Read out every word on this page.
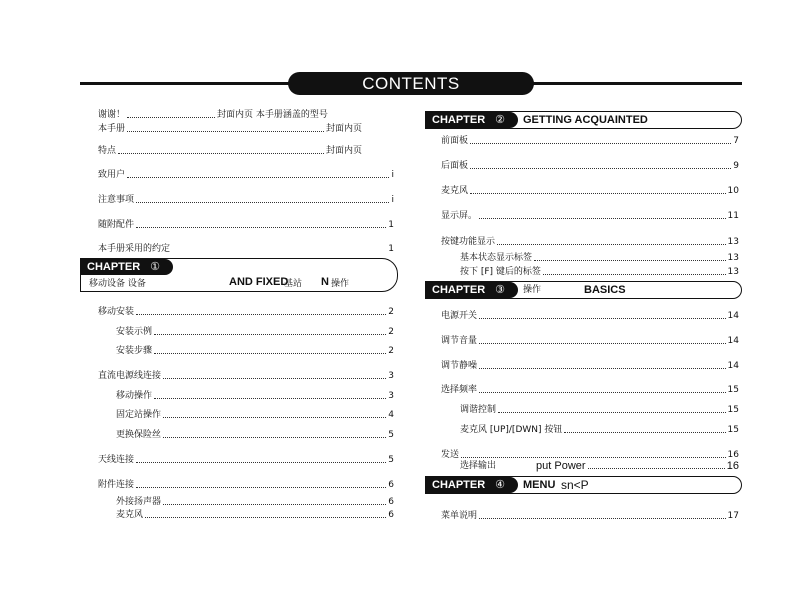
CONTENTS
谢谢！	封面内页 本手册涵盖的型号
本手册	封面内页
特点	封面内页
致用户	i
注意事项	i
随附配件	1
本手册采用的约定	1
CHAPTER ①
移动设备 设备	AND FIXED
基站 N 操作
移动安装	2
安装示例	2
安装步骤	2
直流电源线连接	3
移动操作	3
固定站操作	4
更换保险丝	5
天线连接	5
附件连接	6
外接扬声器	6
麦克风	6
CHAPTER ②	GETTING ACQUAINTED
前面板	7
后面板	9
麦克风	10
显示屏。	11
按键功能显示	13
基本状态显示标签	13
按下 [F] 键后的标签	13
CHAPTER ③	操作	BASICS
电源开关	14
调节音量	14
调节静噪	14
选择频率	15
调谐控制	15
麦克风 [UP]/[DWN] 按钮	15
发送	16
选择输出	put Power	16
CHAPTER ④	MENU sn<P
菜单说明	17
